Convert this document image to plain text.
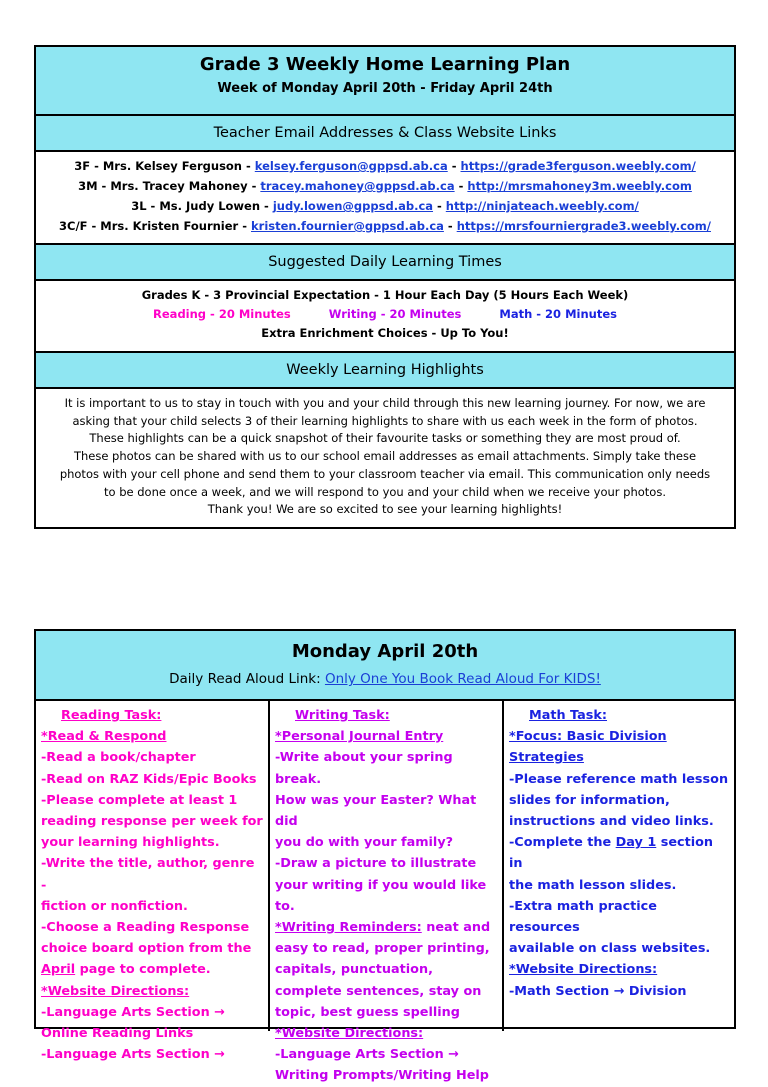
Grade 3 Weekly Home Learning Plan
Week of Monday April 20th - Friday April 24th
Teacher Email Addresses & Class Website Links
3F - Mrs. Kelsey Ferguson - kelsey.ferguson@gppsd.ab.ca - https://grade3ferguson.weebly.com/
3M - Mrs. Tracey Mahoney - tracey.mahoney@gppsd.ab.ca - http://mrsmahoney3m.weebly.com
3L - Ms. Judy Lowen - judy.lowen@gppsd.ab.ca - http://ninjateach.weebly.com/
3C/F - Mrs. Kristen Fournier - kristen.fournier@gppsd.ab.ca - https://mrsfourniergrade3.weebly.com/
Suggested Daily Learning Times
Grades K - 3 Provincial Expectation - 1 Hour Each Day (5 Hours Each Week)
Reading - 20 Minutes	Writing - 20 Minutes	Math - 20 Minutes
Extra Enrichment Choices - Up To You!
Weekly Learning Highlights
It is important to us to stay in touch with you and your child through this new learning journey. For now, we are
asking that your child selects 3 of their learning highlights to share with us each week in the form of photos.
These highlights can be a quick snapshot of their favourite tasks or something they are most proud of.
These photos can be shared with us to our school email addresses as email attachments. Simply take these
photos with your cell phone and send them to your classroom teacher via email. This communication only needs
to be done once a week, and we will respond to you and your child when we receive your photos.
Thank you! We are so excited to see your learning highlights!
Monday April 20th
Daily Read Aloud Link: Only One You Book Read Aloud For KIDS!
Reading Task:
*Read & Respond
-Read a book/chapter
-Read on RAZ Kids/Epic Books
-Please complete at least 1
reading response per week for
your learning highlights.
-Write the title, author, genre -
fiction or nonfiction.
-Choose a Reading Response
choice board option from the
April page to complete.
*Website Directions:
-Language Arts Section →
Online Reading Links
-Language Arts Section →
Writing Task:
*Personal Journal Entry
-Write about your spring break.
How was your Easter? What did
you do with your family?
-Draw a picture to illustrate
your writing if you would like to.
*Writing Reminders: neat and
easy to read, proper printing,
capitals, punctuation,
complete sentences, stay on
topic, best guess spelling
*Website Directions:
-Language Arts Section →
Writing Prompts/Writing Help
Math Task:
*Focus: Basic Division Strategies
-Please reference math lesson
slides for information,
instructions and video links.
-Complete the Day 1 section in
the math lesson slides.
-Extra math practice resources
available on class websites.
*Website Directions:
-Math Section → Division
